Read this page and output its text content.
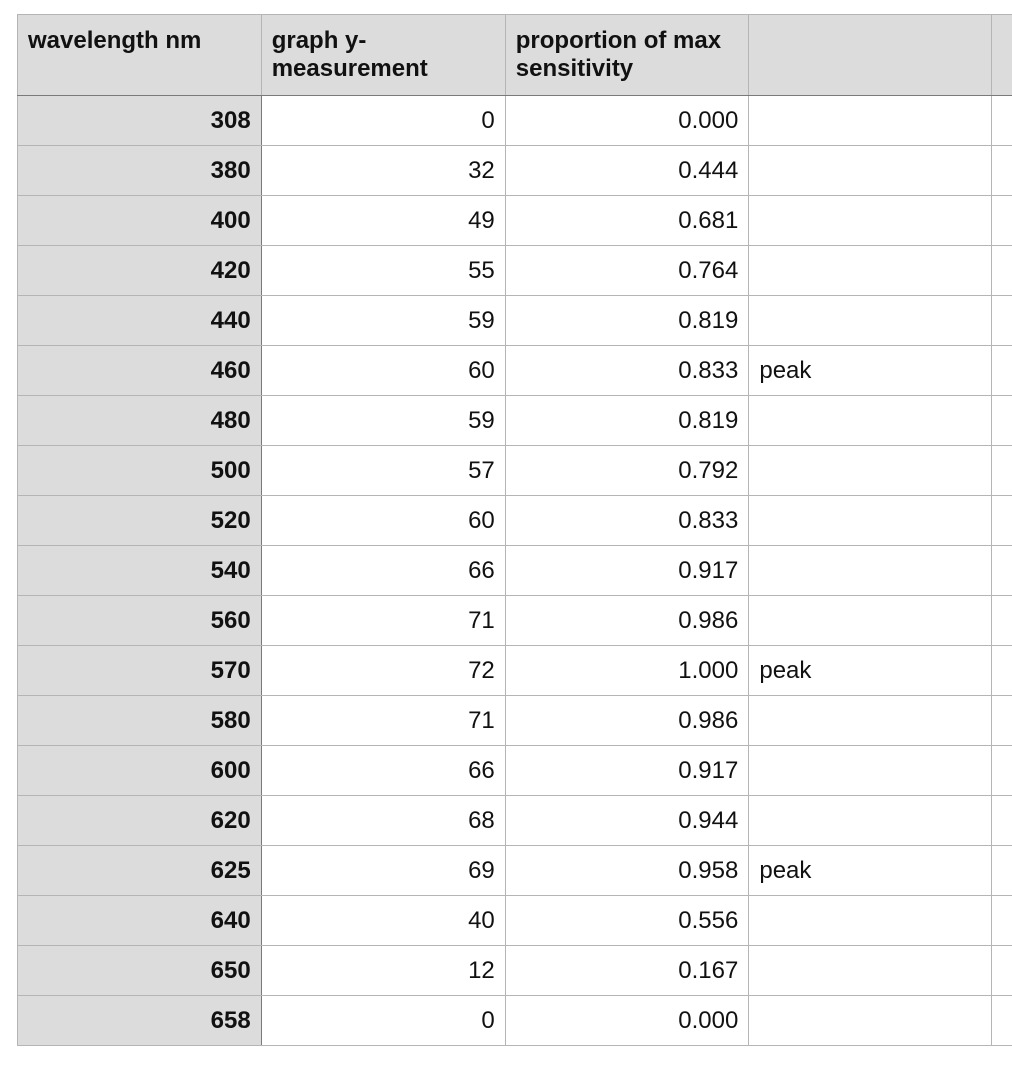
wavelength nm	graph y-measurement	proportion of max sensitivity		
308	0	0.000		
380	32	0.444		
400	49	0.681		
420	55	0.764		
440	59	0.819		
460	60	0.833	peak	
480	59	0.819		
500	57	0.792		
520	60	0.833		
540	66	0.917		
560	71	0.986		
570	72	1.000	peak	
580	71	0.986		
600	66	0.917		
620	68	0.944		
625	69	0.958	peak	
640	40	0.556		
650	12	0.167		
658	0	0.000		
